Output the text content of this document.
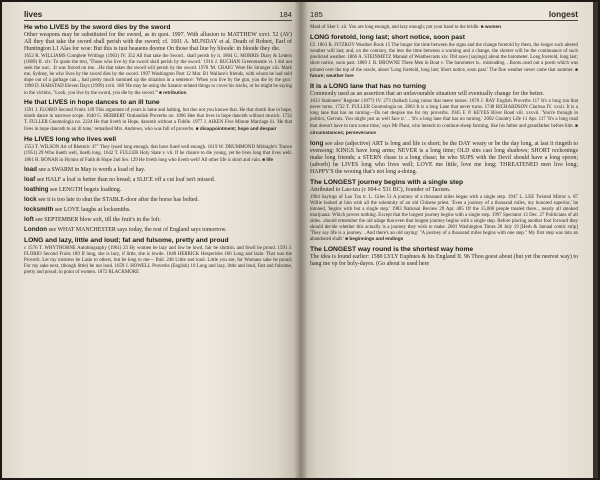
lives	184

He who LIVES by the sword dies by the sword

Other weapons may be substituted for the sword, as in quot. 1997. With allusion to MATTHEW xxvi. 52 (AV) All they that take the sword shall perish with the sword; cf. 1601 A. MUNDAY et al. Death of Robert, Earl of Huntington L1 Alas for woe: But this is iust heauens doome On those that liue by bloode: in bloode they die.

1652 R. WILLIAMS Complete Writings (1963) IV. 352 All that take the Sword.. shall perish by it. 1804 G. MORRIS Diary & Letters (1889) II. xlv. To quote the text, 'Those who live by the sword shall perish by the sword.' 1916 J. BUCHAN Greenmantle vi. I did not seek the war.. .It was forced on me. ..He that takes the sword will perish by the sword. 1978 'M. CRAIG' Were He Stranger xiii. Mark me, Sydney, he who lives by the sword dies by the sword. 1997 Washington Post 12 Mar. B1 Wallace's friends, with whom he had sold dope out of a garbage can.., had pretty much summed up the situation in a sentence: 'When you live by the gun, you die by the gun.' 1998 D. HARSTAD Eleven Days (1999) xviii. 180 'He may be using the Satanic-related things to cover his tracks, or he might be saying to the victims, "Look, you live by the sword, you die by the sword."' ■ retribution

He that LIVES in hope dances to an ill tune

1591 J. FLORIO Second Fruits 149 This argument of yours is lame and halting, but doo not you knowe that. He that dooth liue in hope, dooth dance in narrowe scope. 1640 G. HERBERT Outlandish Proverbs no. 1006 Hee that lives in hope danceth without musick. 1732 T. FULLER Gnomologia no. 2224 He that liveth in Hope, danceth without a Fiddle. 1977 J. AIKEN Five Minute Marriage iii. 'He that lives in hope danceth to an ill tune,' remarked Mrs. Andrews, who was full of proverbs. ■ disappointment; hope and despair

He LIVES long who lives well

1553 T. WILSON Art of Rhetoric 47" They lyued long enough, that have liued well enough. 1619 W. DRUMMOND Midnight's Trance (1951) 29 Who liueth well, liueth long. 1642 T. FULLER Holy State v. vii. If he chance to die young, yet he lives long that lives well. 1861 H. BONAR in Hymns of Faith & Hope 2nd Ser. 129 He liveth long who liveth well! All other life is short and vain. ■ life

load see a SWARM in May is worth a load of hay.

loaf see HALF a loaf is better than no bread; a SLICE off a cut loaf isn't missed.

loathing see LENGTH begets loathing.

lock see it is too late to shut the STABLE-door after the horse has bolted.

locksmith see LOVE laughs at locksmiths.

loft see SEPTEMBER blow soft, till the fruit's in the loft.

London see WHAT MANCHESTER says today, the rest of England says tomorrow.

LONG and lazy, little and loud; fat and fulsome, pretty and proud

c 1576 T. WHYTHORNE Autobiography (1961) 23 Hy women be lazy and low be lowd, fair be sluttish, and fowll be proud. 1591 J. FLORIO Second Fruits 189 If long, she is lazy, if little, she is lowde. 1648 HERRICK Hesperides 166 Long and lazie. That was the Proverb. Let my mistress be Lasie to others, but be long to me— Ibid. 248 Little and loud. Little you are; for Womans sake be proud; For my sake next, (though little) be not loud. 1659 J. HOWELL Proverbs (English) 10 Long and lazy, little and loud, Fatt and fulsome, pretty and proud; in point of women. 1872 BLACKMORE

185	longest

Maid of Sker I. xii. You are long enough, and lazy enough; put your hand to the bridle. ■ women

LONG foretold, long last; short notice, soon past

Cf. 1863 R. FITZROY Weather Book 15 The longer the time between the signs and the change foretold by them, the longer such altered weather will last; and, on the contrary, the less the time between a warning and a change, the shorter will be the continuance of such predicted weather. 1866 A. STEINMETZ Manual of Weathercasts xiv. Old saws [sayings] about the barometer. Long foretold, long last; short notice, soon past. 1889 J. R. BROWNE Three Men in Boat v. The barometer is.. misleading. ..Boots..read out a poem which was printed over the top of the oracle, about 'Long foretold, long last; Short notice, soon past.' The fine weather never came that summer. ■ future; weather lore

It is a LONG lane that has no turning

Commonly used as an assertion that an unfavourable situation will eventually change for the better.

1633 Stationers' Register (1877) IV. 273 (ballad) Long runns that neere turnes. 1670 J. RAY English Proverbs 117 It's a long run that never turns. 1732 T. FULLER Gnomologia no. 2863 It is a long Lane that never turns. 1748 RICHARDSON Clarissa IV. xxxii. It is a long lane that has no turning—Do not despise me for my proverbs. 1945 F. P. KEYES River Road viii. xxxvii. 'You're through in politics, Gervais. You might just as well face it.' .. 'It's a long lane that has no turning.' 2002 Country Life 11 Apr. 117 'It's a long road that doesn't have to turn some time,' says Mr Plant, who intends to continue sheep farming, like his father and grandfather before him. ■ circumstances; perseverance

long see also (adjective) ART is long and life is short; be the DAY weary or be the day long, at last it ringeth to evensong; KINGS have long arms; NEVER is a long time; OLD sins cast long shadows; SHORT reckonings make long friends; a STERN chase is a long chase; he who SUPS with the Devil should have a long spoon; (adverb) he LIVES long who lives well; LOVE me little, love me long; THREATENED men live long; HAPPY'S the wooing that's not long a-doing.

The LONGEST journey begins with a single step

Attributed to Lao-tzu (c 604-c 531 BC), founder of Taoism.

1904 Sayings of Lao Tzu tr. L. Giles 51 A journey of a thousand miles began with a single step. 1947 L. LEE Twisted Mirror x. 87 Willie looked at him with all the solemnity of an old Chinese priest. 'Even a journey of a thousand miles, my honored superior,' he intoned, 'begins with but a single step.' 1983 National Review 29 Apr. 485 Of the 15,000 people treated there.., nearly all smoked marijuana. Which proves nothing. Except that the longest journey begins with a single step. 1997 Spectator 13 Dec. 27 Politicians of all sides.. should remember the old adage that even that longest journey begins with a single step. Before placing another foot forward they should decide whether this actually is a journey they wish to make. 2001 Washington Times 28 July 19 [Herb & Jamaal comic strip] 'They say life is a journey. ..And there's an old saying: "A journey of a thousand miles begins with one step." My first step was into an abandoned shaft.' ■ beginnings and endings

The LONGEST way round is the shortest way home

The idea is found earlier: 1580 LYLY Euphues & his England II. 96 Thou goest about (but yet the neerest way) to hang me vp for holy-dayes. (Go about is used here
